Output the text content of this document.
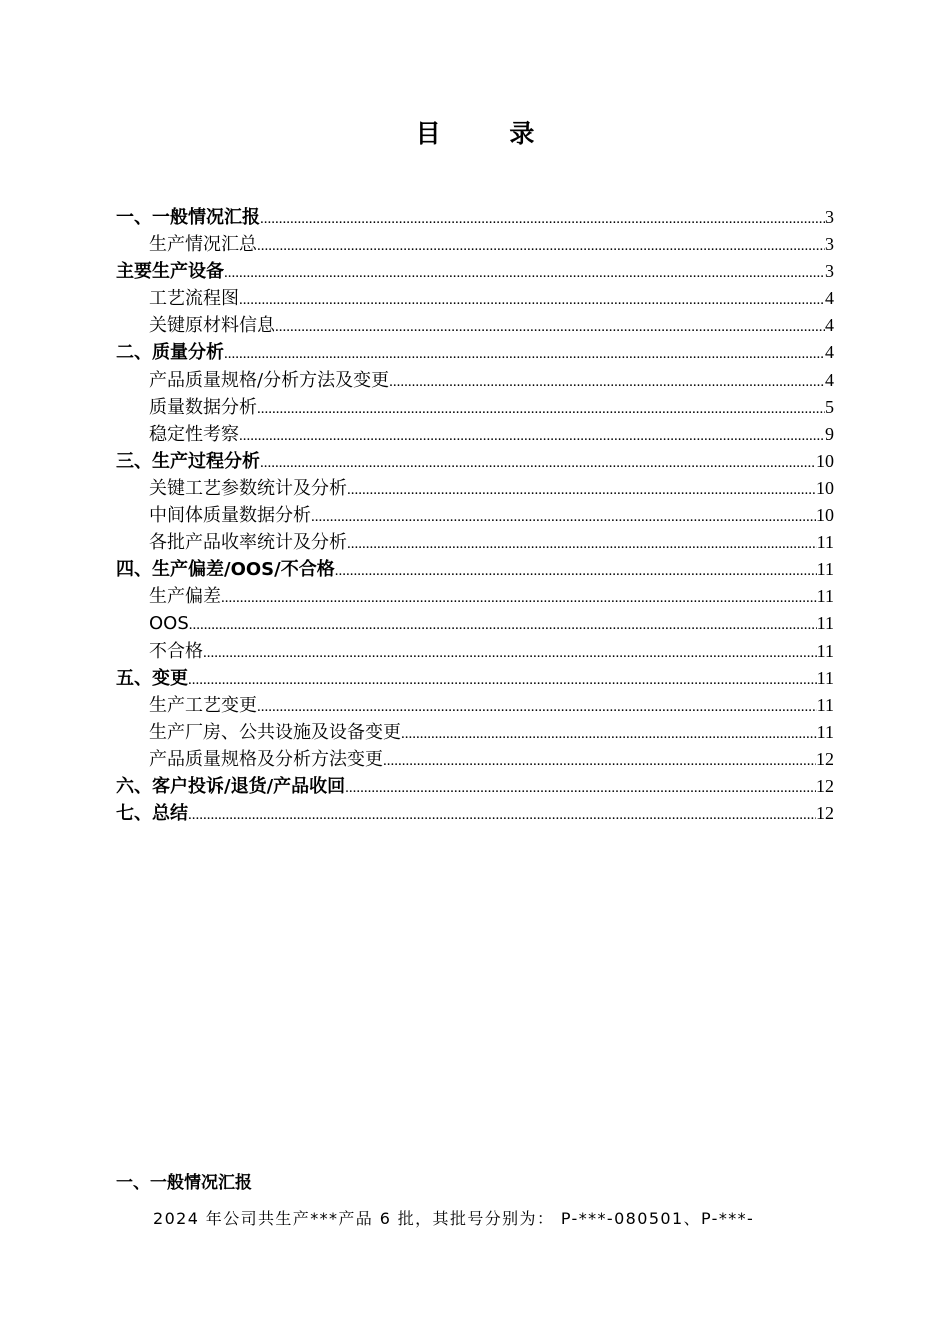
目 录
一、一般情况汇报 .....	3
生产情况汇总 .....	3
主要生产设备 .....	3
工艺流程图 .....	4
关键原材料信息 .....	4
二、质量分析 .....	4
产品质量规格/分析方法及变更 .....	4
质量数据分析 .....	5
稳定性考察 .....	9
三、生产过程分析 .....	10
关键工艺参数统计及分析 .....	10
中间体质量数据分析 .....	10
各批产品收率统计及分析 .....	11
四、生产偏差/OOS/不合格 .....	11
生产偏差 .....	11
OOS .....	11
不合格 .....	11
五、变更 .....	11
生产工艺变更 .....	11
生产厂房、公共设施及设备变更 .....	11
产品质量规格及分析方法变更 .....	12
六、客户投诉/退货/产品收回 .....	12
七、总结 .....	12
一、一般情况汇报
2024 年公司共生产***产品 6 批，其批号分别为： P-***-080501、P-***-
